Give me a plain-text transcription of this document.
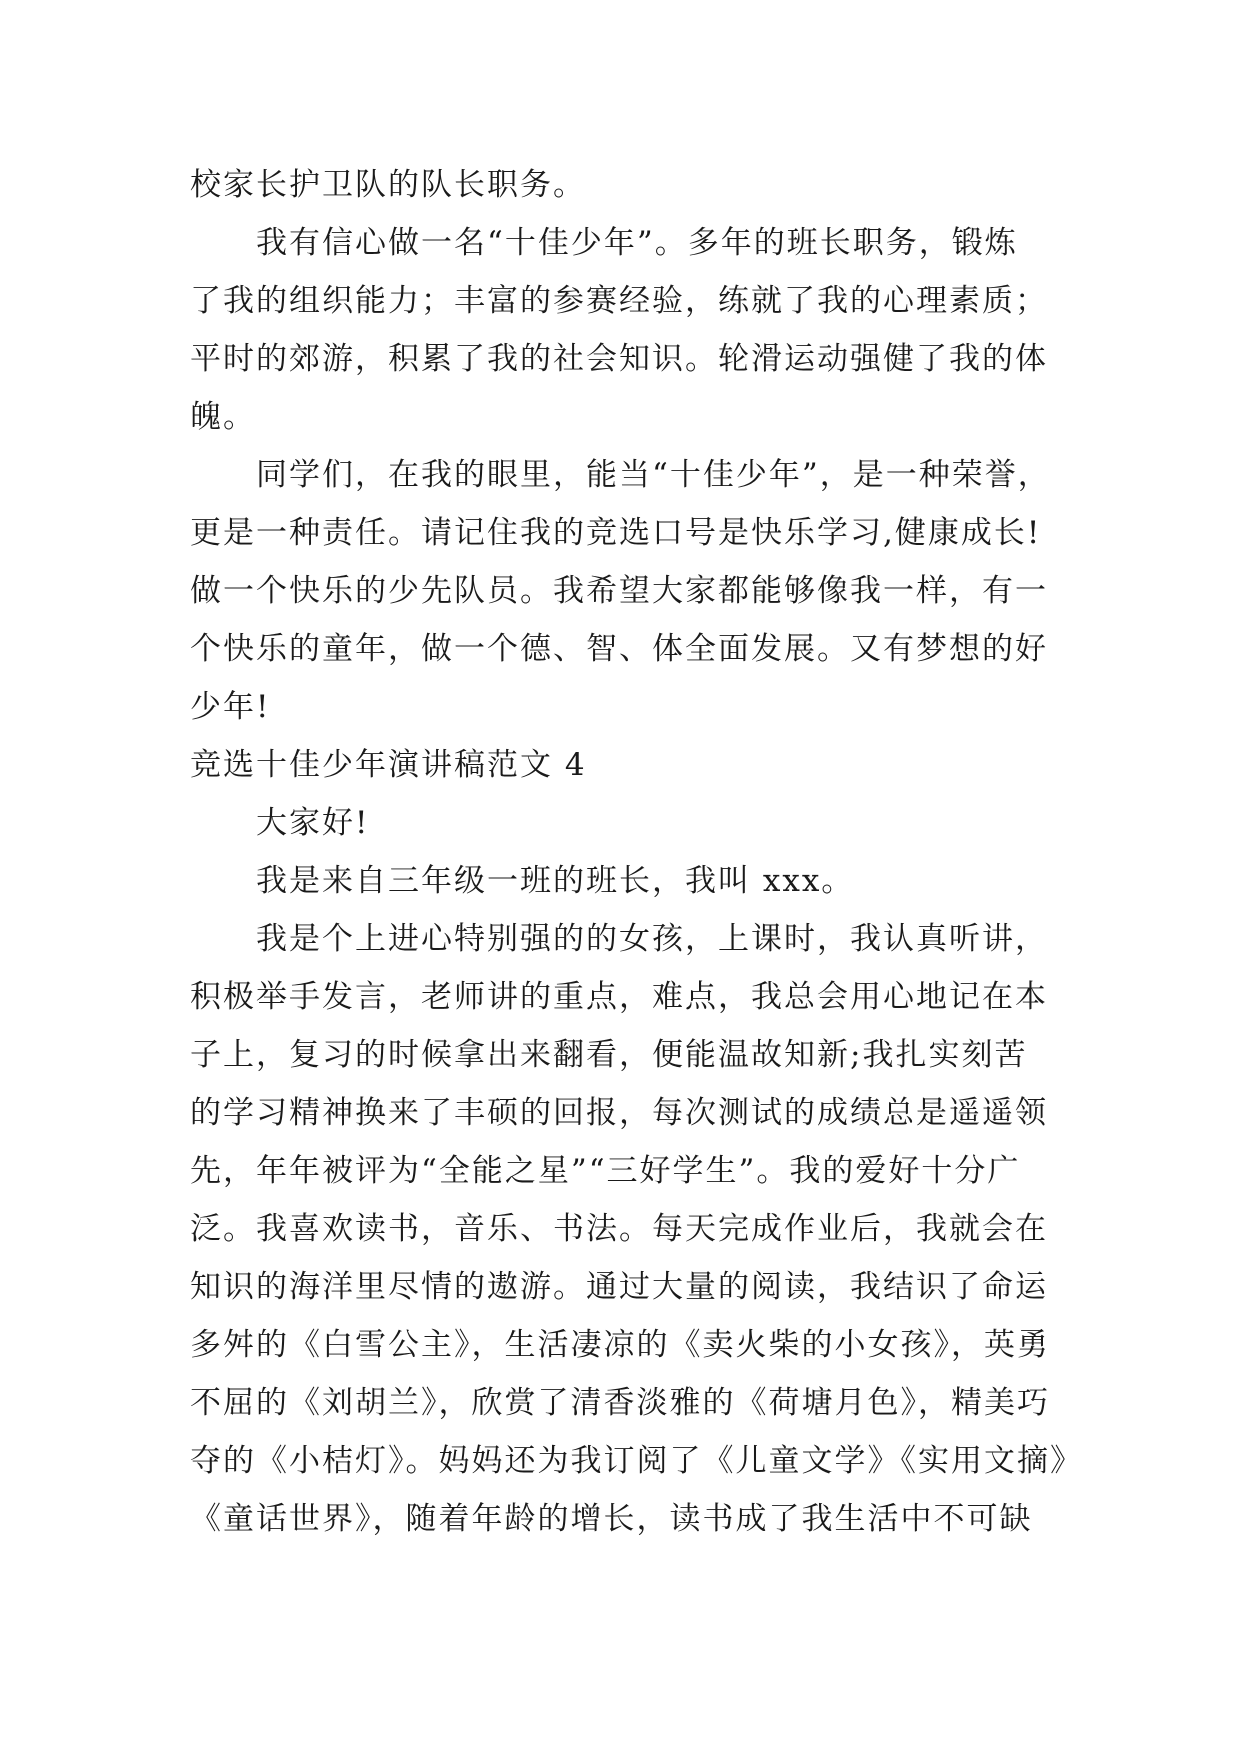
校家长护卫队的队长职务。
我有信心做一名“十佳少年”。多年的班长职务，锻炼
了我的组织能力；丰富的参赛经验，练就了我的心理素质；
平时的郊游，积累了我的社会知识。轮滑运动强健了我的体
魄。
同学们，在我的眼里，能当“十佳少年”，是一种荣誉，
更是一种责任。请记住我的竞选口号是快乐学习,健康成长!
做一个快乐的少先队员。我希望大家都能够像我一样，有一
个快乐的童年，做一个德、智、体全面发展。又有梦想的好
少年!
竞选十佳少年演讲稿范文 4
大家好!
我是来自三年级一班的班长，我叫 xxx。
我是个上进心特别强的的女孩，上课时，我认真听讲，
积极举手发言，老师讲的重点，难点，我总会用心地记在本
子上，复习的时候拿出来翻看，便能温故知新;我扎实刻苦
的学习精神换来了丰硕的回报，每次测试的成绩总是遥遥领
先，年年被评为“全能之星”“三好学生”。我的爱好十分广
泛。我喜欢读书，音乐、书法。每天完成作业后，我就会在
知识的海洋里尽情的遨游。通过大量的阅读，我结识了命运
多舛的《白雪公主》，生活凄凉的《卖火柴的小女孩》，英勇
不屈的《刘胡兰》，欣赏了清香淡雅的《荷塘月色》，精美巧
夺的《小桔灯》。妈妈还为我订阅了《儿童文学》《实用文摘》
《童话世界》，随着年龄的增长，读书成了我生活中不可缺
